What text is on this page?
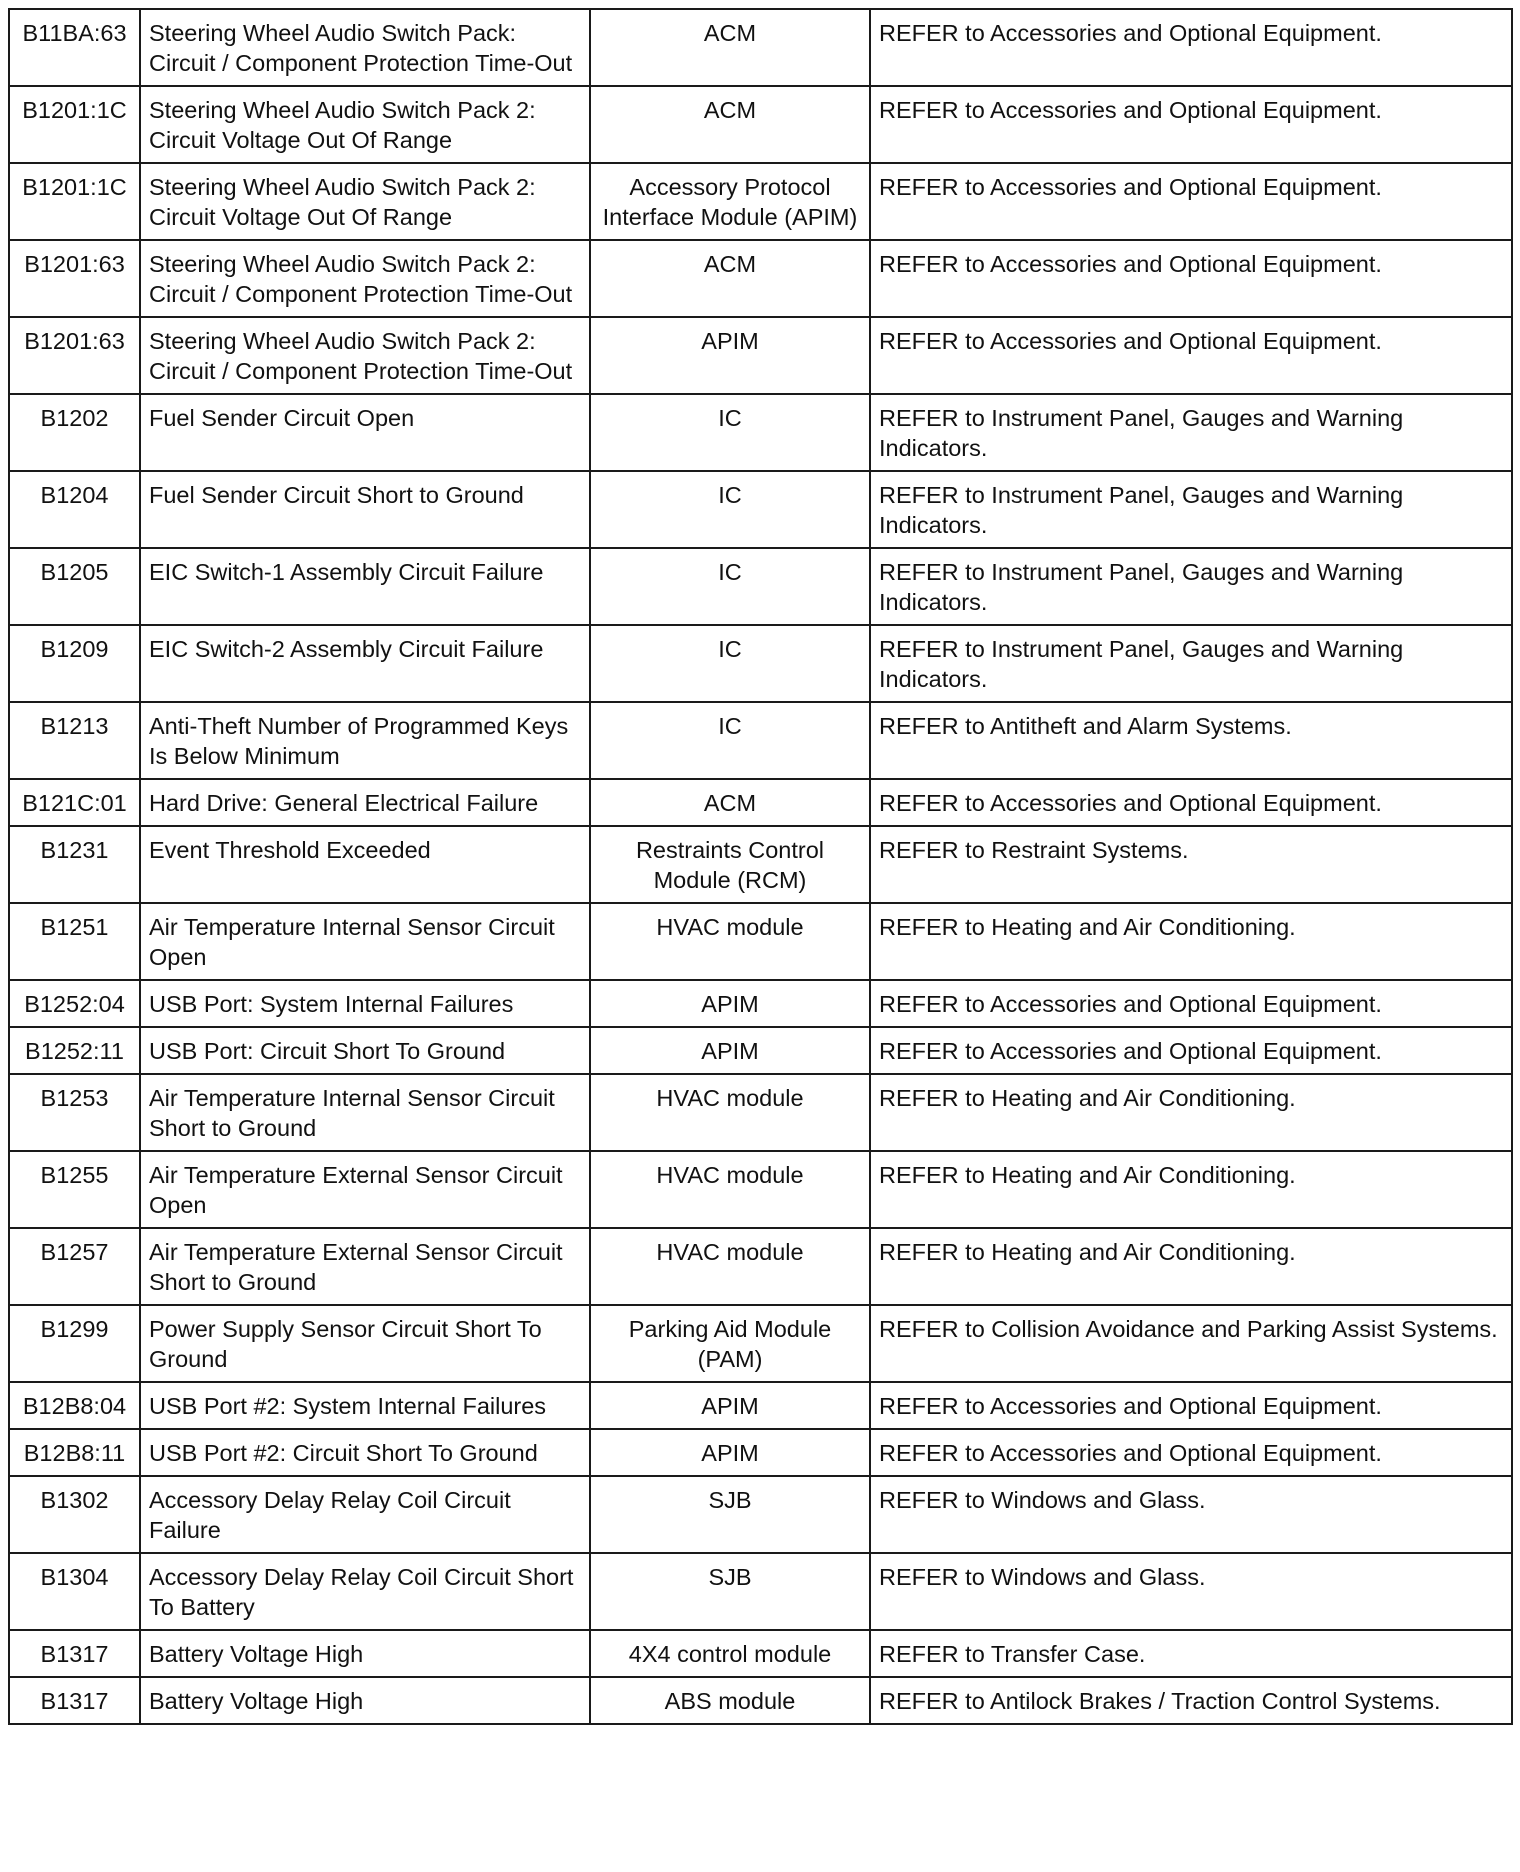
B11BA:63	Steering Wheel Audio Switch Pack: Circuit / Component Protection Time-Out	ACM	REFER to Accessories and Optional Equipment.
B1201:1C	Steering Wheel Audio Switch Pack 2: Circuit Voltage Out Of Range	ACM	REFER to Accessories and Optional Equipment.
B1201:1C	Steering Wheel Audio Switch Pack 2: Circuit Voltage Out Of Range	Accessory Protocol Interface Module (APIM)	REFER to Accessories and Optional Equipment.
B1201:63	Steering Wheel Audio Switch Pack 2: Circuit / Component Protection Time-Out	ACM	REFER to Accessories and Optional Equipment.
B1201:63	Steering Wheel Audio Switch Pack 2: Circuit / Component Protection Time-Out	APIM	REFER to Accessories and Optional Equipment.
B1202	Fuel Sender Circuit Open	IC	REFER to Instrument Panel, Gauges and Warning Indicators.
B1204	Fuel Sender Circuit Short to Ground	IC	REFER to Instrument Panel, Gauges and Warning Indicators.
B1205	EIC Switch-1 Assembly Circuit Failure	IC	REFER to Instrument Panel, Gauges and Warning Indicators.
B1209	EIC Switch-2 Assembly Circuit Failure	IC	REFER to Instrument Panel, Gauges and Warning Indicators.
B1213	Anti-Theft Number of Programmed Keys Is Below Minimum	IC	REFER to Antitheft and Alarm Systems.
B121C:01	Hard Drive: General Electrical Failure	ACM	REFER to Accessories and Optional Equipment.
B1231	Event Threshold Exceeded	Restraints Control Module (RCM)	REFER to Restraint Systems.
B1251	Air Temperature Internal Sensor Circuit Open	HVAC module	REFER to Heating and Air Conditioning.
B1252:04	USB Port: System Internal Failures	APIM	REFER to Accessories and Optional Equipment.
B1252:11	USB Port: Circuit Short To Ground	APIM	REFER to Accessories and Optional Equipment.
B1253	Air Temperature Internal Sensor Circuit Short to Ground	HVAC module	REFER to Heating and Air Conditioning.
B1255	Air Temperature External Sensor Circuit Open	HVAC module	REFER to Heating and Air Conditioning.
B1257	Air Temperature External Sensor Circuit Short to Ground	HVAC module	REFER to Heating and Air Conditioning.
B1299	Power Supply Sensor Circuit Short To Ground	Parking Aid Module (PAM)	REFER to Collision Avoidance and Parking Assist Systems.
B12B8:04	USB Port #2: System Internal Failures	APIM	REFER to Accessories and Optional Equipment.
B12B8:11	USB Port #2: Circuit Short To Ground	APIM	REFER to Accessories and Optional Equipment.
B1302	Accessory Delay Relay Coil Circuit Failure	SJB	REFER to Windows and Glass.
B1304	Accessory Delay Relay Coil Circuit Short To Battery	SJB	REFER to Windows and Glass.
B1317	Battery Voltage High	4X4 control module	REFER to Transfer Case.
B1317	Battery Voltage High	ABS module	REFER to Antilock Brakes / Traction Control Systems.
